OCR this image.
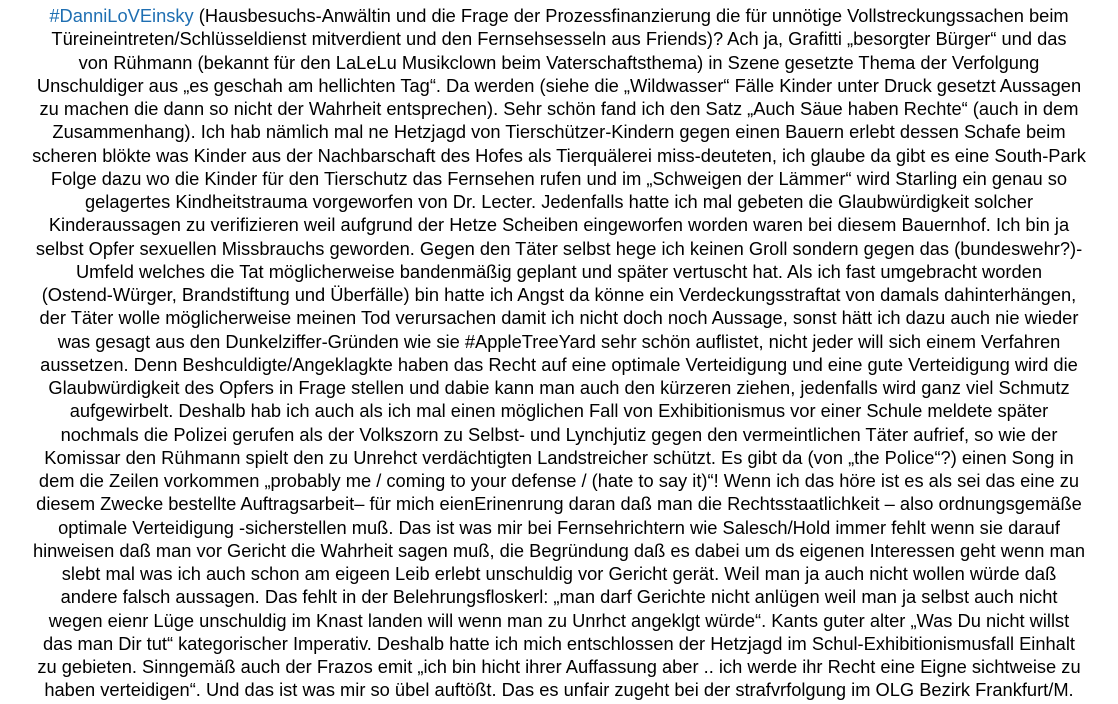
#DanniLoVEinsky (Hausbesuchs-Anwältin und die Frage der Prozessfinanzierung die für unnötige Vollstreckungssachen beim
Türeineintreten/Schlüsseldienst mitverdient und den Fernsehsesseln aus Friends)? Ach ja, Grafitti „besorgter Bürger“ und das
von Rühmann (bekannt für den LaLeLu Musikclown beim Vaterschaftsthema) in Szene gesetzte Thema der Verfolgung
Unschuldiger aus „es geschah am hellichten Tag“. Da werden (siehe die „Wildwasser“ Fälle Kinder unter Druck gesetzt Aussagen
zu machen die dann so nicht der Wahrheit entsprechen). Sehr schön fand ich den Satz „Auch Säue haben Rechte“ (auch in dem
Zusammenhang). Ich hab nämlich mal ne Hetzjagd von Tierschützer-Kindern gegen einen Bauern erlebt dessen Schafe beim
scheren blökte was Kinder aus der Nachbarschaft des Hofes als Tierquälerei miss-deuteten, ich glaube da gibt es eine South-Park
Folge dazu wo die Kinder für den Tierschutz das Fernsehen rufen und im „Schweigen der Lämmer“ wird Starling ein genau so
gelagertes Kindheitstrauma vorgeworfen von Dr. Lecter. Jedenfalls hatte ich mal gebeten die Glaubwürdigkeit solcher
Kinderaussagen zu verifizieren weil aufgrund der Hetze Scheiben eingeworfen worden waren bei diesem Bauernhof. Ich bin ja
selbst Opfer sexuellen Missbrauchs geworden. Gegen den Täter selbst hege ich keinen Groll sondern gegen das (bundeswehr?)-
Umfeld welches die Tat möglicherweise bandenmäßig geplant und später vertuscht hat. Als ich fast umgebracht worden
(Ostend-Würger, Brandstiftung und Überfälle) bin hatte ich Angst da könne ein Verdeckungsstraftat von damals dahinterhängen,
der Täter wolle möglicherweise meinen Tod verursachen damit ich nicht doch noch Aussage, sonst hätt ich dazu auch nie wieder
was gesagt aus den Dunkelziffer-Gründen wie sie #AppleTreeYard sehr schön auflistet, nicht jeder will sich einem Verfahren
aussetzen. Denn Beshculdigte/Angeklagkte haben das Recht auf eine optimale Verteidigung und eine gute Verteidigung wird die
Glaubwürdigkeit des Opfers in Frage stellen und dabie kann man auch den kürzeren ziehen, jedenfalls wird ganz viel Schmutz
aufgewirbelt. Deshalb hab ich auch als ich mal einen möglichen Fall von Exhibitionismus vor einer Schule meldete später
nochmals die Polizei gerufen als der Volkszorn zu Selbst- und Lynchjutiz gegen den vermeintlichen Täter aufrief, so wie der
Komissar den Rühmann spielt den zu Unrehct verdächtigten Landstreicher schützt. Es gibt da (von „the Police“?) einen Song in
dem die Zeilen vorkommen „probably me / coming to your defense / (hate to say it)“! Wenn ich das höre ist es als sei das eine zu
diesem Zwecke bestellte Auftragsarbeit– für mich eienErinenrung daran daß man die Rechtsstaatlichkeit – also ordnungsgemäße
optimale Verteidigung -sicherstellen muß. Das ist was mir bei Fernsehrichtern wie Salesch/Hold immer fehlt wenn sie darauf
hinweisen daß man vor Gericht die Wahrheit sagen muß, die Begründung daß es dabei um ds eigenen Interessen geht wenn man
slebt mal was ich auch schon am eigeen Leib erlebt unschuldig vor Gericht gerät. Weil man ja auch nicht wollen würde daß
andere falsch aussagen. Das fehlt in der Belehrungsfloskerl: „man darf Gerichte nicht anlügen weil man ja selbst auch nicht
wegen eienr Lüge unschuldig im Knast landen will wenn man zu Unrhct angeklgt würde“. Kants guter alter „Was Du nicht willst
das man Dir tut“ kategorischer Imperativ. Deshalb hatte ich mich entschlossen der Hetzjagd im Schul-Exhibitionismusfall Einhalt
zu gebieten. Sinngemäß auch der Frazos emit „ich bin hicht ihrer Auffassung aber .. ich werde ihr Recht eine Eigne sichtweise zu
haben verteidigen“. Und das ist was mir so übel auftößt. Das es unfair zugeht bei der strafvrfolgung im OLG Bezirk Frankfurt/M.
